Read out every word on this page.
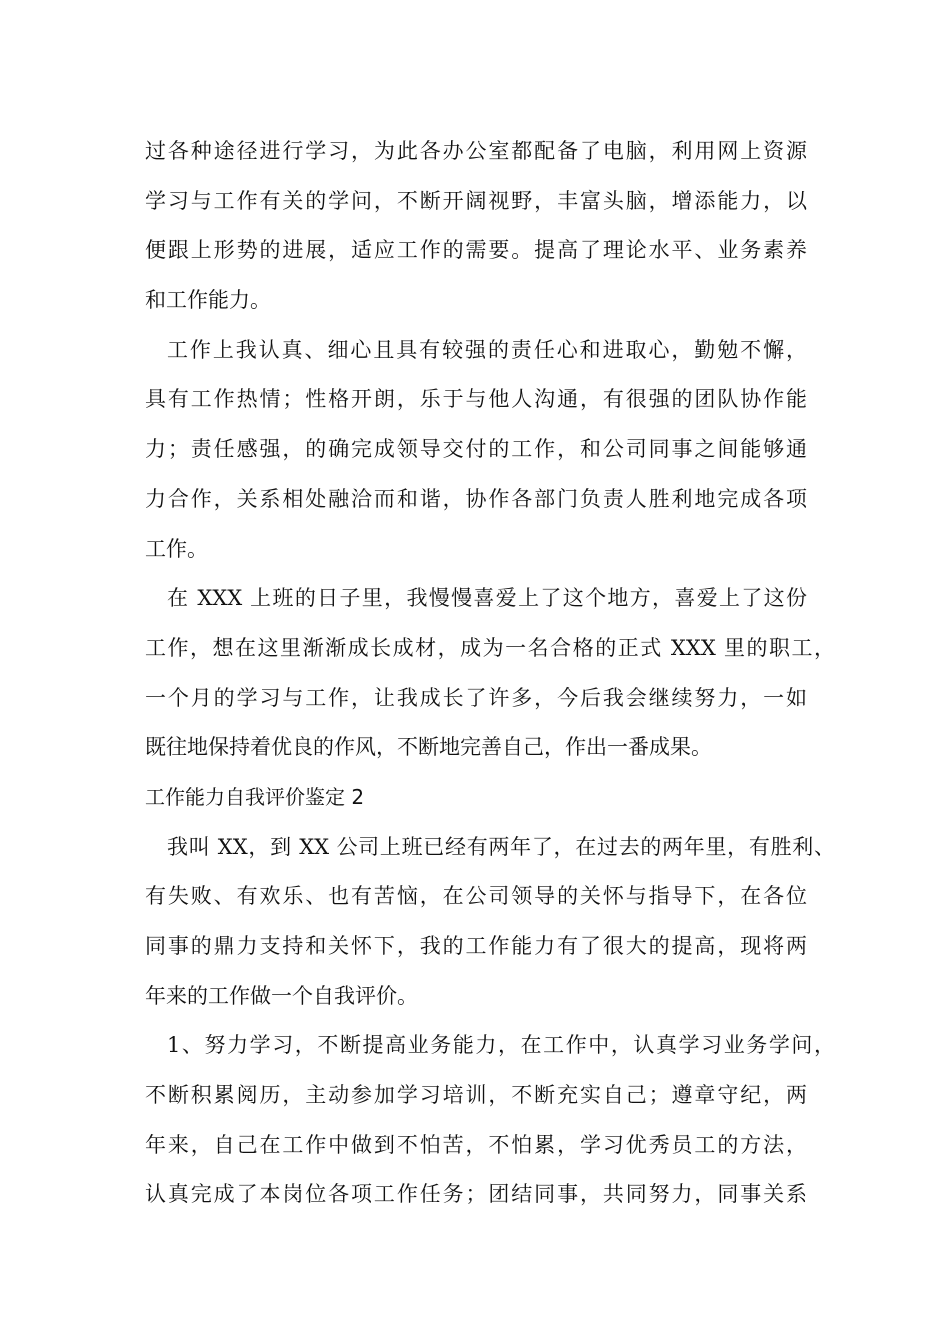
过各种途径进行学习，为此各办公室都配备了电脑，利用网上资源
学习与工作有关的学问，不断开阔视野，丰富头脑，增添能力，以
便跟上形势的进展，适应工作的需要。提高了理论水平、业务素养
和工作能力。
工作上我认真、细心且具有较强的责任心和进取心，勤勉不懈，
具有工作热情；性格开朗，乐于与他人沟通，有很强的团队协作能
力；责任感强，的确完成领导交付的工作，和公司同事之间能够通
力合作，关系相处融洽而和谐，协作各部门负责人胜利地完成各项
工作。
在 XXX 上班的日子里，我慢慢喜爱上了这个地方，喜爱上了这份
工作，想在这里渐渐成长成材，成为一名合格的正式 XXX 里的职工，
一个月的学习与工作，让我成长了许多，今后我会继续努力，一如
既往地保持着优良的作风，不断地完善自己，作出一番成果。
工作能力自我评价鉴定 2
我叫 XX，到 XX 公司上班已经有两年了，在过去的两年里，有胜利、
有失败、有欢乐、也有苦恼，在公司领导的关怀与指导下，在各位
同事的鼎力支持和关怀下，我的工作能力有了很大的提高，现将两
年来的工作做一个自我评价。
1、努力学习，不断提高业务能力，在工作中，认真学习业务学问，
不断积累阅历，主动参加学习培训，不断充实自己；遵章守纪，两
年来，自己在工作中做到不怕苦，不怕累，学习优秀员工的方法，
认真完成了本岗位各项工作任务；团结同事，共同努力，同事关系
